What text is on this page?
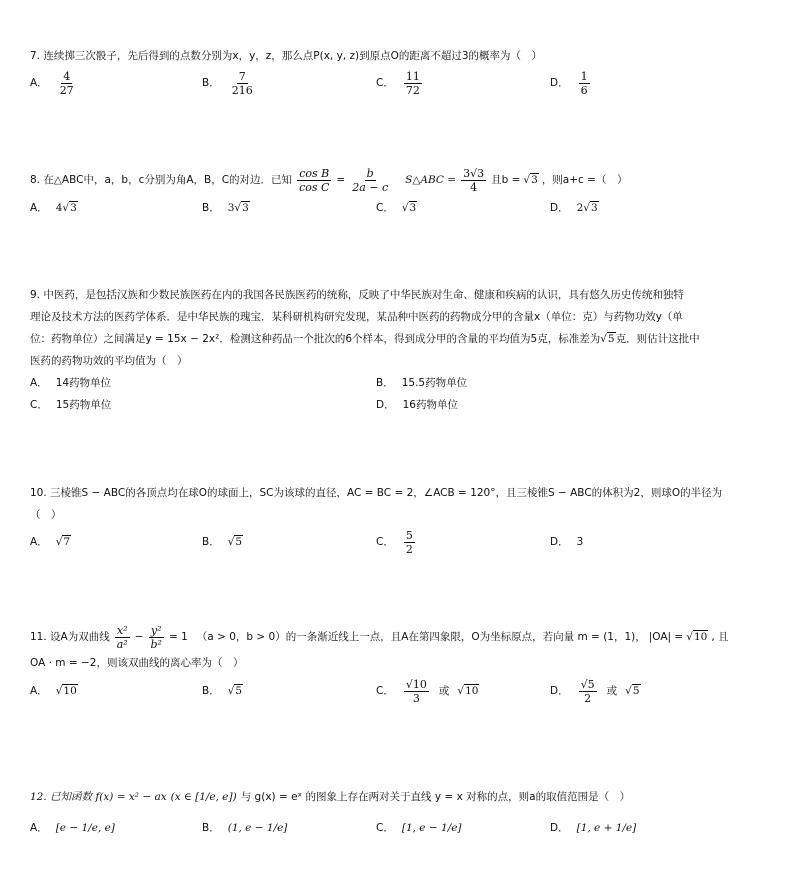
7. 连续掷三次骰子，先后得到的点数分别为x，y，z，那么点P(x, y, z)到原点O的距离不超过3的概率为（　）
A． $\frac{4}{27}$	B． $\frac{7}{216}$	C． $\frac{11}{72}$	D． $\frac{1}{6}$
8. 在△ABC中，a，b，c分别为角A，B，C的对边．已知 $\frac{\text{cos B}}{\text{cos C}} = \frac{b}{2a - c}$ S△ABC = $\frac{3√3}{4}$ 且b = √3 ，则a+c =（　）
A． 4√3	B． 3√3	C． √3	D． 2√3
9. 中医药，是包括汉族和少数民族医药在内的我国各民族医药的统称，反映了中华民族对生命、健康和疾病的认识，具有悠久历史传统和独特
理论及技术方法的医药学体系．是中华民族的瑰宝．某科研机构研究发现，某品种中医药的药物成分甲的含量x（单位：克）与药物功效y（单
位：药物单位）之间满足y = 15x − 2x²．检测这种药品一个批次的6个样本，得到成分甲的含量的平均值为5克，标准差为√5克．则估计这批中
医药的药物功效的平均值为（　）
A． 14药物单位	B． 15.5药物单位
C． 15药物单位	D． 16药物单位
10. 三棱锥S − ABC的各顶点均在球O的球面上，SC为该球的直径，AC = BC = 2，∠ACB = 120°，且三棱锥S − ABC的体积为2，则球O的半径为
（　）
A． √7	B． √5	C． $\frac{5}{2}$	D． 3
11. 设A为双曲线 $\frac{\text{x²}}{\text{a²}} - \frac{\text{y²}}{\text{b²}} = 1$ （a > 0，b > 0）的一条渐近线上一点，且A在第四象限，O为坐标原点，若向量 m = (1，1)， |OA| = √10 , 且
OA · m = −2，则该双曲线的离心率为（　）
A． √10	B． √5	C． $\frac{√10}{3}$ 或 √10	D． $\frac{√5}{2}$ 或 √5
12. 已知函数 f(x) = x² − ax (x ∈ [1/e, e]) 与 g(x) = eˣ 的图象上存在两对关于直线 y = x 对称的点，则a的取值范围是（　）
A． [e − 1/e, e]	B． (1, e − 1/e]	C． [1, e − 1/e]	D． [1, e + 1/e]
